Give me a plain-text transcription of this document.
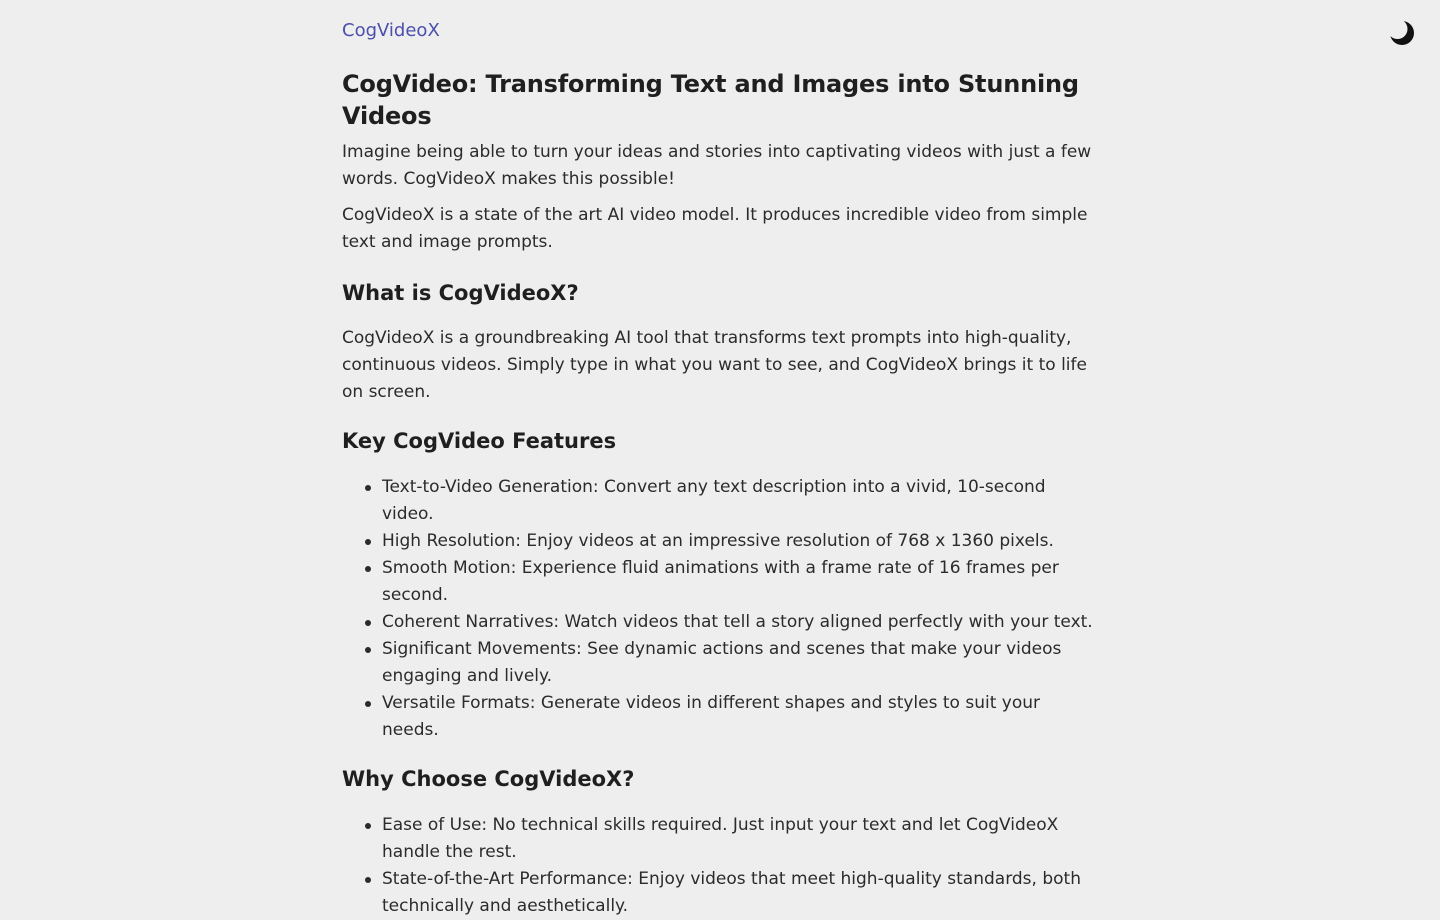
CogVideoX
CogVideo: Transforming Text and Images into Stunning Videos

Imagine being able to turn your ideas and stories into captivating videos with just a few words. CogVideoX makes this possible!

CogVideoX is a state of the art AI video model. It produces incredible video from simple text and image prompts.

What is CogVideoX?

CogVideoX is a groundbreaking AI tool that transforms text prompts into high-quality, continuous videos. Simply type in what you want to see, and CogVideoX brings it to life on screen.

Key CogVideo Features
Text-to-Video Generation: Convert any text description into a vivid, 10-second video.
High Resolution: Enjoy videos at an impressive resolution of 768 x 1360 pixels.
Smooth Motion: Experience fluid animations with a frame rate of 16 frames per second.
Coherent Narratives: Watch videos that tell a story aligned perfectly with your text.
Significant Movements: See dynamic actions and scenes that make your videos engaging and lively.
Versatile Formats: Generate videos in different shapes and styles to suit your needs.
Why Choose CogVideoX?
Ease of Use: No technical skills required. Just input your text and let CogVideoX handle the rest.
State-of-the-Art Performance: Enjoy videos that meet high-quality standards, both technically and aesthetically.
